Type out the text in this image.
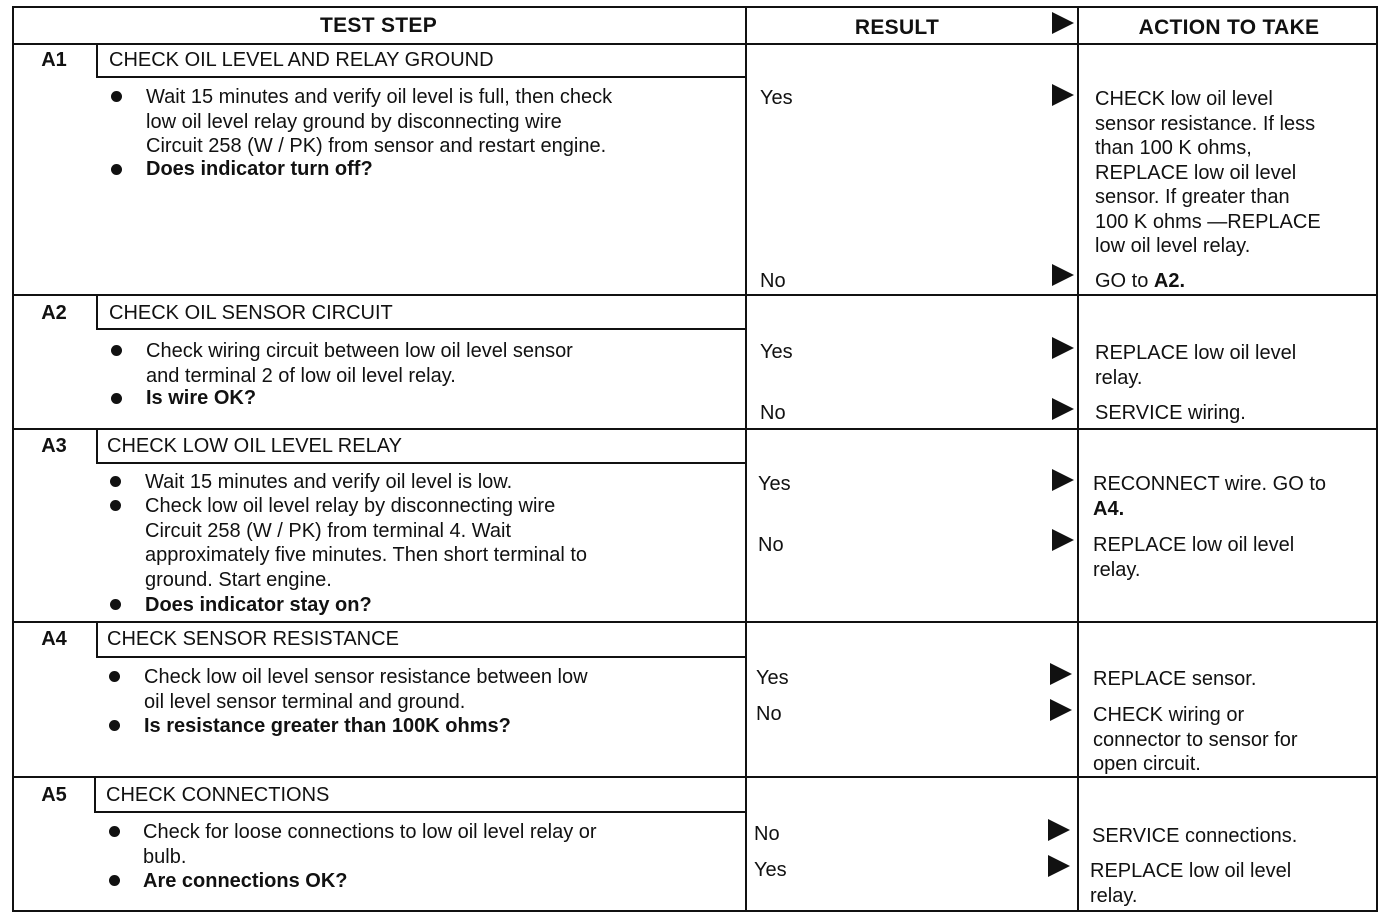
TEST STEP	RESULT	ACTION TO TAKE
A1	CHECK OIL LEVEL AND RELAY GROUND
Wait 15 minutes and verify oil level is full, then check
low oil level relay ground by disconnecting wire
Circuit 258 (W / PK) from sensor and restart engine.
Does indicator turn off?
Yes	CHECK low oil level
sensor resistance. If less
than 100 K ohms,
REPLACE low oil level
sensor. If greater than
100 K ohms —REPLACE
low oil level relay.
No	GO to A2.
A2	CHECK OIL SENSOR CIRCUIT
Check wiring circuit between low oil level sensor
and terminal 2 of low oil level relay.
Is wire OK?
Yes	REPLACE low oil level
relay.
No	SERVICE wiring.
A3	CHECK LOW OIL LEVEL RELAY
Wait 15 minutes and verify oil level is low.
Check low oil level relay by disconnecting wire
Circuit 258 (W / PK) from terminal 4. Wait
approximately five minutes. Then short terminal to
ground. Start engine.
Does indicator stay on?
Yes	RECONNECT wire. GO to
A4.
No	REPLACE low oil level
relay.
A4	CHECK SENSOR RESISTANCE
Check low oil level sensor resistance between low
oil level sensor terminal and ground.
Is resistance greater than 100K ohms?
Yes	REPLACE sensor.
No	CHECK wiring or
connector to sensor for
open circuit.
A5	CHECK CONNECTIONS
Check for loose connections to low oil level relay or
bulb.
Are connections OK?
No	SERVICE connections.
Yes	REPLACE low oil level
relay.
